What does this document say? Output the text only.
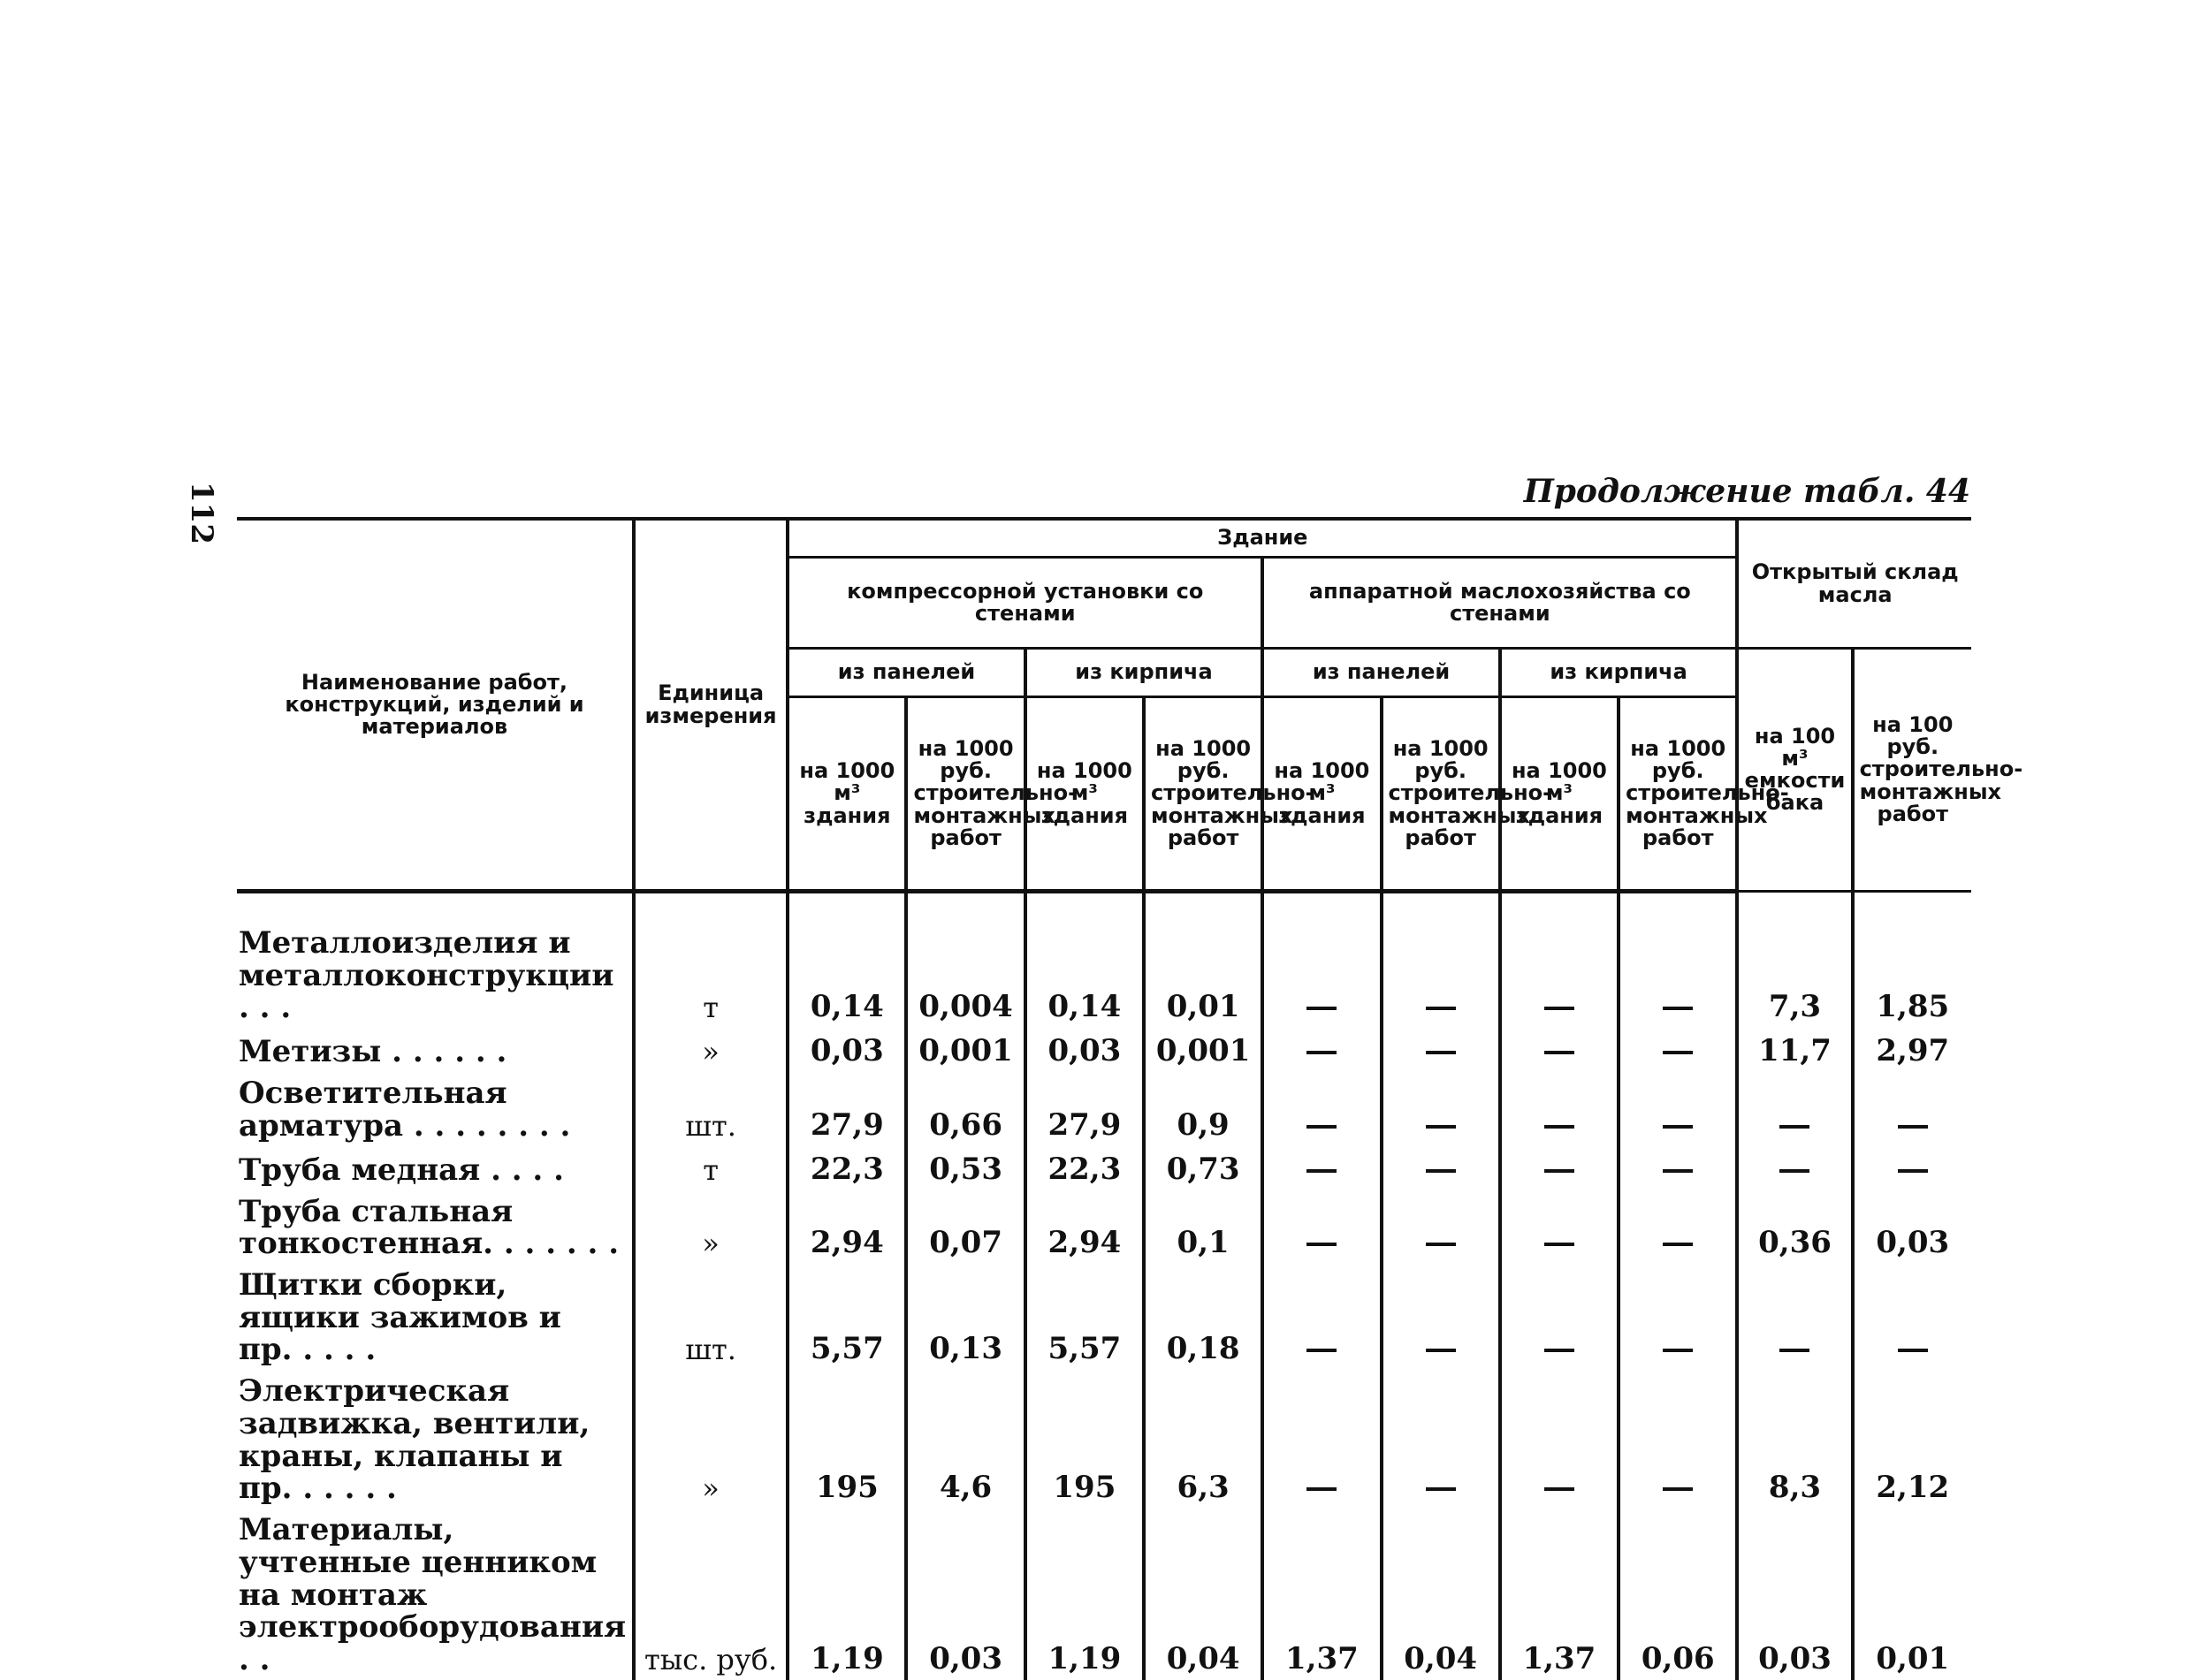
112	Продолжение табл. 44
Наименование работ, конструкций, изделий и материалов	Единица измерения	Здание								Открытый склад масла	
		компрессорной установки со стенами				аппаратной маслохозяйства со стенами					
		из панелей		из кирпича		из панелей		из кирпича		на 100 м³ емкости бака	на 100 руб. строительно-монтажных работ
		на 1000 м³ здания	на 1000 руб. строительно-монтажных работ	на 1000 м³ здания	на 1000 руб. строительно-монтажных работ	на 1000 м³ здания	на 1000 руб. строительно-монтажных работ	на 1000 м³ здания	на 1000 руб. строительно-монтажных работ		
Металлоизделия и металлоконструкции . . .	т	0,14	0,004	0,14	0,01					7,3	1,85
Метизы . . . . . .	»	0,03	0,001	0,03	0,001					11,7	2,97
Осветительная арматура . . . . . . . .	шт.	27,9	0,66	27,9	0,9						
Труба медная . . . .	т	22,3	0,53	22,3	0,73						
Труба стальная тонкостенная. . . . . . .	»	2,94	0,07	2,94	0,1					0,36	0,03
Щитки сборки, ящики зажимов и пр. . . . .	шт.	5,57	0,13	5,57	0,18						
Электрическая задвижка, вентили, краны, клапаны и пр. . . . . .	»	195	4,6	195	6,3					8,3	2,12
Материалы, учтенные ценником на монтаж электрооборудования . .	тыс. руб.	1,19	0,03	1,19	0,04	1,37	0,04	1,37	0,06	0,03	0,01
